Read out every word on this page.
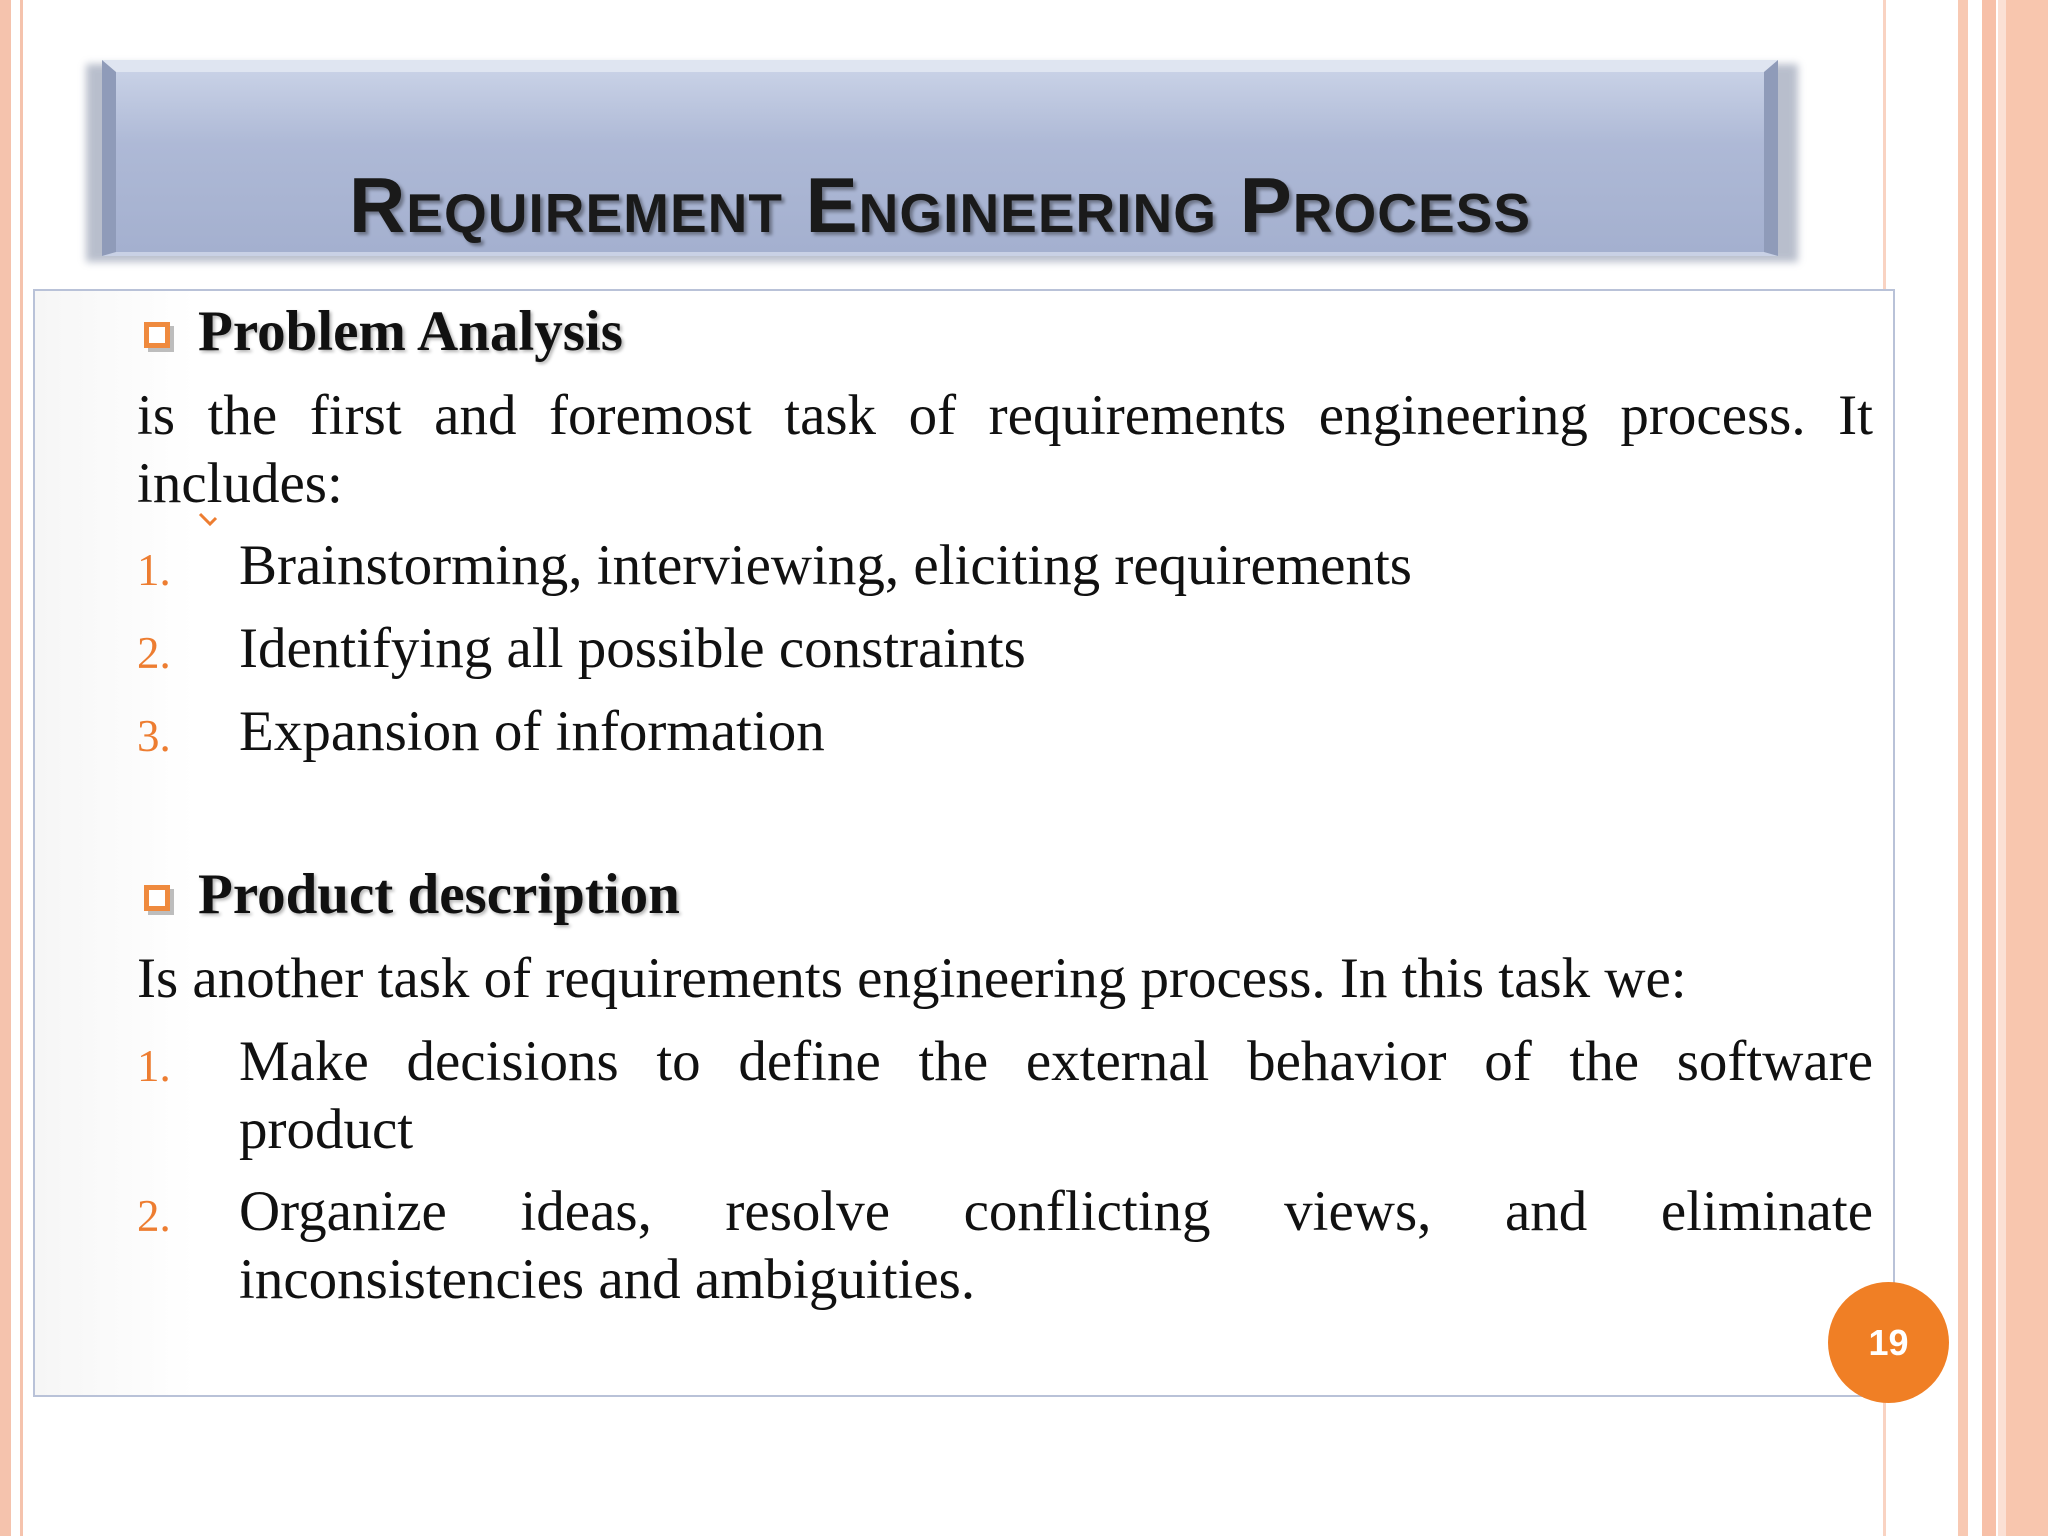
Requirement Engineering Process
Problem Analysis
is the first and foremost task of requirements engineering process. It
includes:
1. Brainstorming, interviewing, eliciting requirements
2. Identifying all possible constraints
3. Expansion of information
Product description
Is another task of requirements engineering process. In this task we:
1. Make decisions to define the external behavior of the software
product
2. Organize ideas, resolve conflicting views, and eliminate
inconsistencies and ambiguities.
19
